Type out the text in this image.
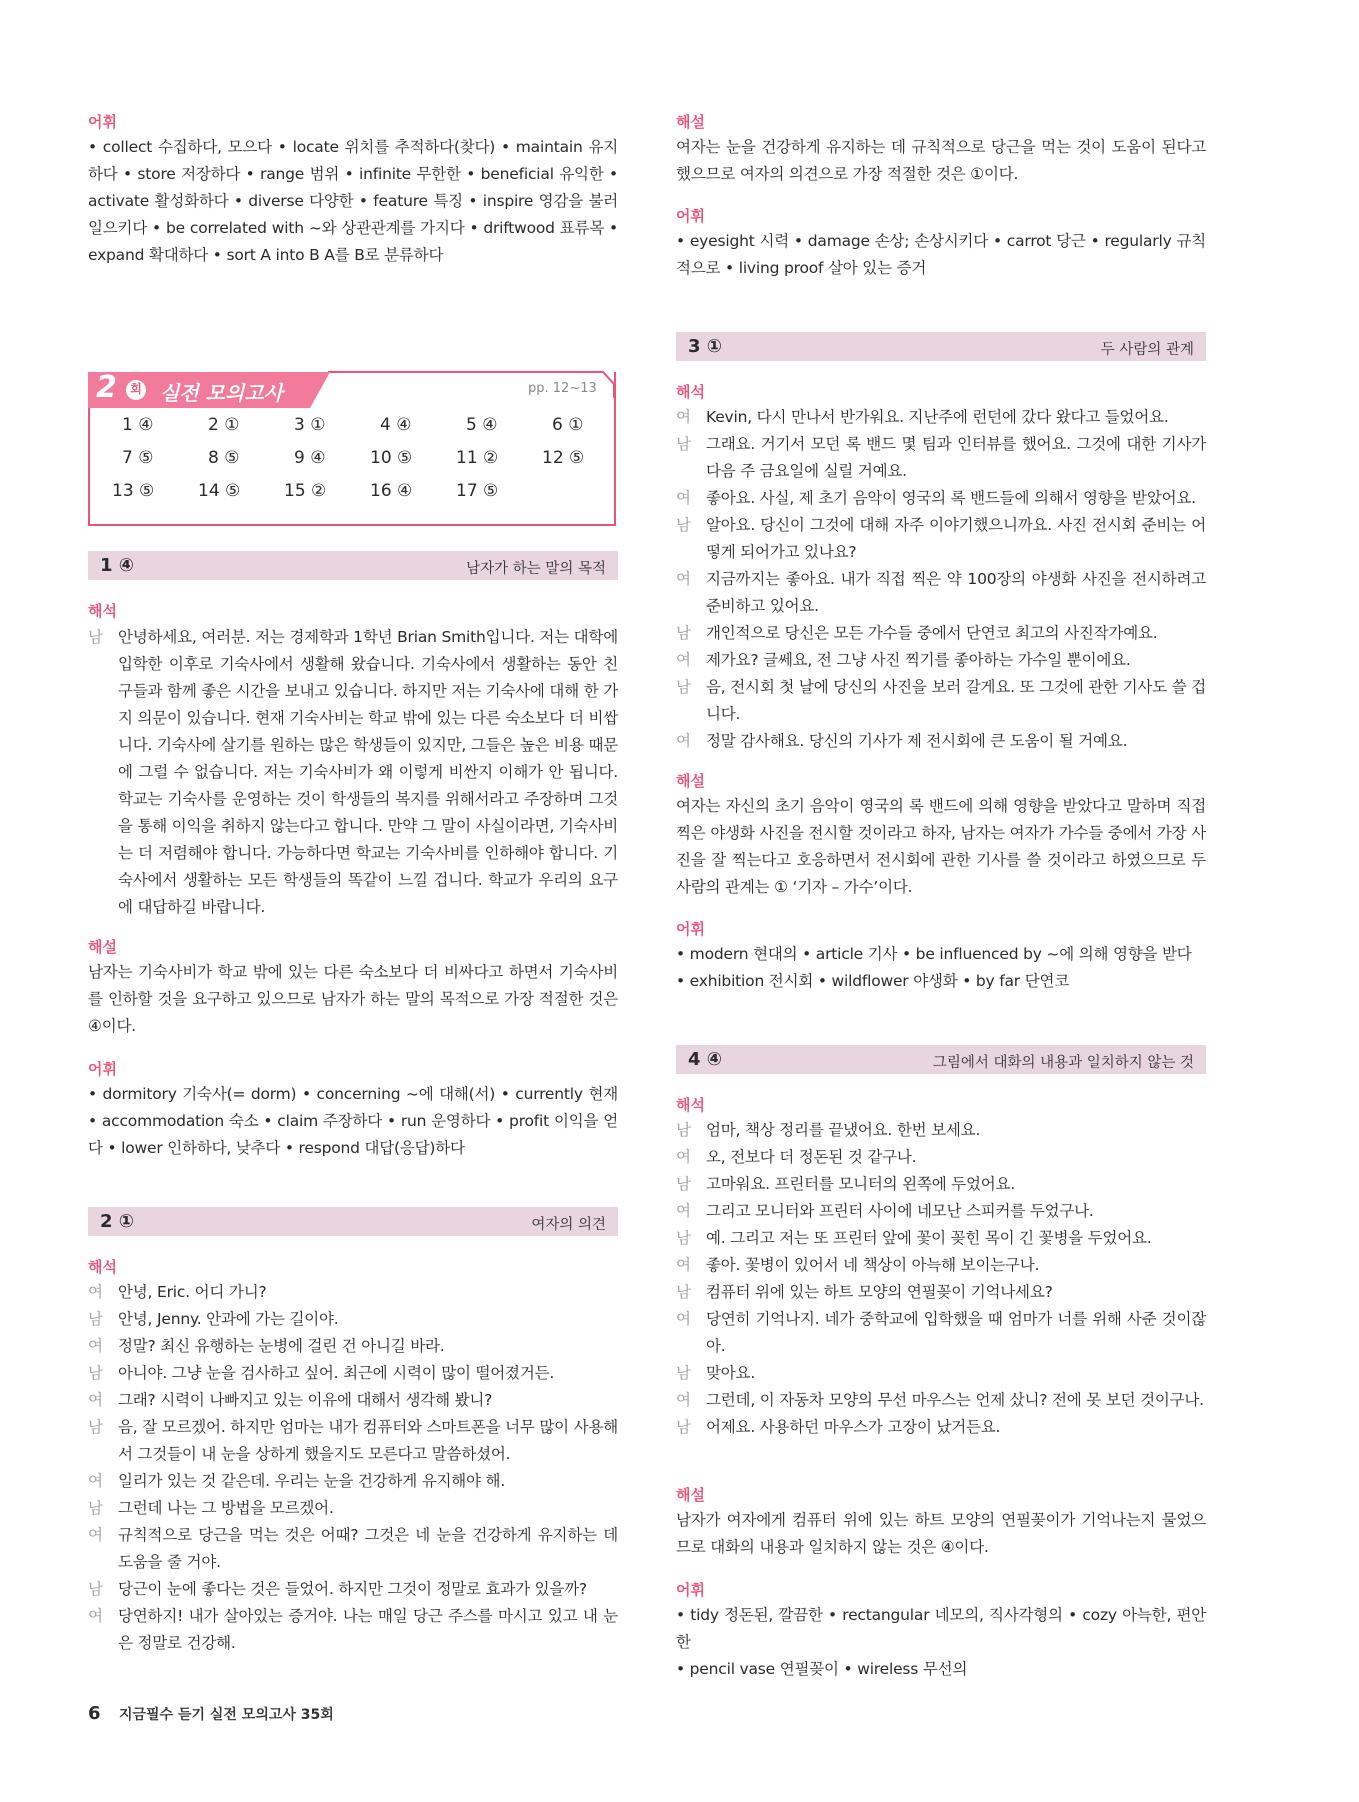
어휘
• collect 수집하다, 모으다 • locate 위치를 추적하다(찾다) • maintain 유지하다 • store 저장하다 • range 범위 • infinite 무한한 • beneficial 유익한 • activate 활성화하다 • diverse 다양한 • feature 특징 • inspire 영감을 불러일으키다 • be correlated with ~와 상관관계를 가지다 • driftwood 표류목 • expand 확대하다 • sort A into B A를 B로 분류하다
1 ④	2 ①	3 ①	4 ④	5 ④	6 ①
7 ⑤	8 ⑤	9 ④	10 ⑤	11 ②	12 ⑤
13 ⑤	14 ⑤	15 ②	16 ④	17 ⑤
2 회 실전 모의고사	pp. 12~13
1 ④	남자가 하는 말의 목적
해석
남 안녕하세요, 여러분. 저는 경제학과 1학년 Brian Smith입니다. 저는 대학에 입학한 이후로 기숙사에서 생활해 왔습니다. 기숙사에서 생활하는 동안 친구들과 함께 좋은 시간을 보내고 있습니다. 하지만 저는 기숙사에 대해 한 가지 의문이 있습니다. 현재 기숙사비는 학교 밖에 있는 다른 숙소보다 더 비쌉니다. 기숙사에 살기를 원하는 많은 학생들이 있지만, 그들은 높은 비용 때문에 그럴 수 없습니다. 저는 기숙사비가 왜 이렇게 비싼지 이해가 안 됩니다. 학교는 기숙사를 운영하는 것이 학생들의 복지를 위해서라고 주장하며 그것을 통해 이익을 취하지 않는다고 합니다. 만약 그 말이 사실이라면, 기숙사비는 더 저렴해야 합니다. 가능하다면 학교는 기숙사비를 인하해야 합니다. 기숙사에서 생활하는 모든 학생들의 똑같이 느낄 겁니다. 학교가 우리의 요구에 대답하길 바랍니다.
해설
남자는 기숙사비가 학교 밖에 있는 다른 숙소보다 더 비싸다고 하면서 기숙사비를 인하할 것을 요구하고 있으므로 남자가 하는 말의 목적으로 가장 적절한 것은 ④이다.
어휘
• dormitory 기숙사(= dorm) • concerning ~에 대해(서) • currently 현재 • accommodation 숙소 • claim 주장하다 • run 운영하다 • profit 이익을 얻다 • lower 인하하다, 낮추다 • respond 대답(응답)하다
2 ①	여자의 의견
해석
여 안녕, Eric. 어디 가니?
남 안녕, Jenny. 안과에 가는 길이야.
여 정말? 최신 유행하는 눈병에 걸린 건 아니길 바라.
남 아니야. 그냥 눈을 검사하고 싶어. 최근에 시력이 많이 떨어졌거든.
여 그래? 시력이 나빠지고 있는 이유에 대해서 생각해 봤니?
남 음, 잘 모르겠어. 하지만 엄마는 내가 컴퓨터와 스마트폰을 너무 많이 사용해서 그것들이 내 눈을 상하게 했을지도 모른다고 말씀하셨어.
여 일리가 있는 것 같은데. 우리는 눈을 건강하게 유지해야 해.
남 그런데 나는 그 방법을 모르겠어.
여 규칙적으로 당근을 먹는 것은 어때? 그것은 네 눈을 건강하게 유지하는 데 도움을 줄 거야.
남 당근이 눈에 좋다는 것은 들었어. 하지만 그것이 정말로 효과가 있을까?
여 당연하지! 내가 살아있는 증거야. 나는 매일 당근 주스를 마시고 있고 내 눈은 정말로 건강해.
해설
여자는 눈을 건강하게 유지하는 데 규칙적으로 당근을 먹는 것이 도움이 된다고 했으므로 여자의 의견으로 가장 적절한 것은 ①이다.
어휘
• eyesight 시력 • damage 손상; 손상시키다 • carrot 당근 • regularly 규칙적으로 • living proof 살아 있는 증거
3 ①	두 사람의 관계
해석
여 Kevin, 다시 만나서 반가워요. 지난주에 런던에 갔다 왔다고 들었어요.
남 그래요. 거기서 모던 록 밴드 몇 팀과 인터뷰를 했어요. 그것에 대한 기사가 다음 주 금요일에 실릴 거예요.
여 좋아요. 사실, 제 초기 음악이 영국의 록 밴드들에 의해서 영향을 받았어요.
남 알아요. 당신이 그것에 대해 자주 이야기했으니까요. 사진 전시회 준비는 어떻게 되어가고 있나요?
여 지금까지는 좋아요. 내가 직접 찍은 약 100장의 야생화 사진을 전시하려고 준비하고 있어요.
남 개인적으로 당신은 모든 가수들 중에서 단연코 최고의 사진작가예요.
여 제가요? 글쎄요, 전 그냥 사진 찍기를 좋아하는 가수일 뿐이에요.
남 음, 전시회 첫 날에 당신의 사진을 보러 갈게요. 또 그것에 관한 기사도 쓸 겁니다.
여 정말 감사해요. 당신의 기사가 제 전시회에 큰 도움이 될 거예요.
해설
여자는 자신의 초기 음악이 영국의 록 밴드에 의해 영향을 받았다고 말하며 직접 찍은 야생화 사진을 전시할 것이라고 하자, 남자는 여자가 가수들 중에서 가장 사진을 잘 찍는다고 호응하면서 전시회에 관한 기사를 쓸 것이라고 하였으므로 두 사람의 관계는 ① ‘기자 – 가수’이다.
어휘
• modern 현대의 • article 기사 • be influenced by ~에 의해 영향을 받다
• exhibition 전시회 • wildflower 야생화 • by far 단연코
4 ④	그림에서 대화의 내용과 일치하지 않는 것
해석
남 엄마, 책상 정리를 끝냈어요. 한번 보세요.
여 오, 전보다 더 정돈된 것 같구나.
남 고마워요. 프린터를 모니터의 왼쪽에 두었어요.
여 그리고 모니터와 프린터 사이에 네모난 스피커를 두었구나.
남 예. 그리고 저는 또 프린터 앞에 꽃이 꽂힌 목이 긴 꽃병을 두었어요.
여 좋아. 꽃병이 있어서 네 책상이 아늑해 보이는구나.
남 컴퓨터 위에 있는 하트 모양의 연필꽂이 기억나세요?
여 당연히 기억나지. 네가 중학교에 입학했을 때 엄마가 너를 위해 사준 것이잖아.
남 맞아요.
여 그런데, 이 자동차 모양의 무선 마우스는 언제 샀니? 전에 못 보던 것이구나.
남 어제요. 사용하던 마우스가 고장이 났거든요.
해설
남자가 여자에게 컴퓨터 위에 있는 하트 모양의 연필꽂이가 기억나는지 물었으므로 대화의 내용과 일치하지 않는 것은 ④이다.
어휘
• tidy 정돈된, 깔끔한 • rectangular 네모의, 직사각형의 • cozy 아늑한, 편안한
• pencil vase 연필꽂이 • wireless 무선의
6 지금필수 듣기 실전 모의고사 35회
